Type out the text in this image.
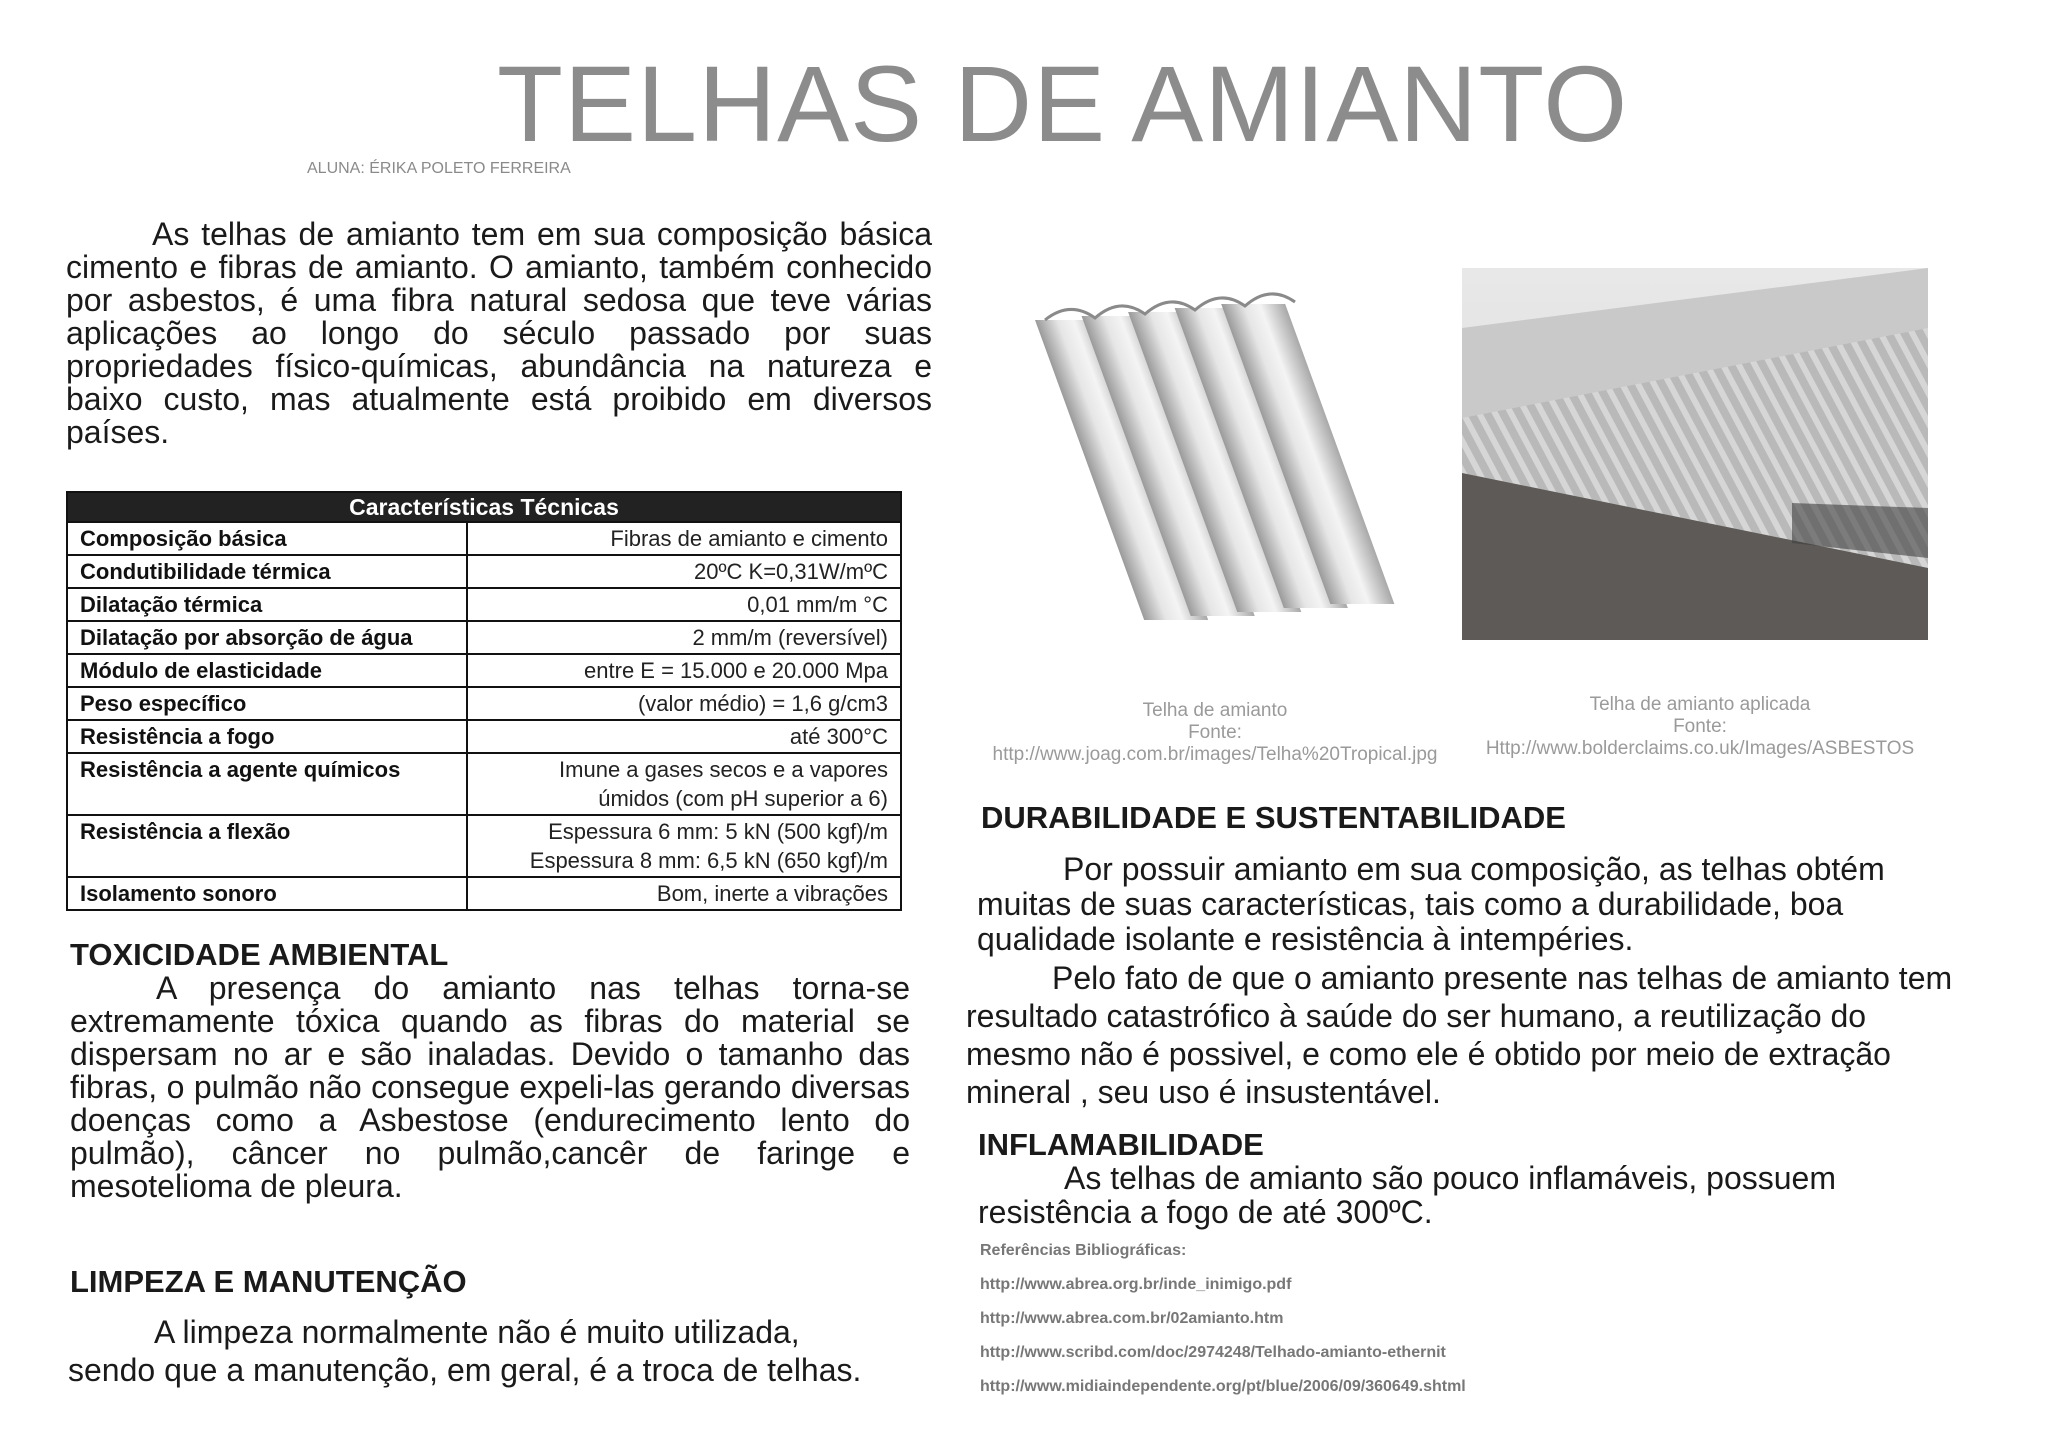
TELHAS DE AMIANTO
ALUNA: ÉRIKA POLETO FERREIRA

As telhas de amianto tem em sua composição básica cimento e fibras de amianto. O amianto, também conhecido por asbestos, é uma fibra natural sedosa que teve várias aplicações ao longo do século passado por suas propriedades físico-químicas, abundância na natureza e baixo custo, mas atualmente está proibido em diversos países.

Características Técnicas	
Composição básica	Fibras de amianto e cimento
Condutibilidade térmica	20ºC K=0,31W/mºC
Dilatação térmica	0,01 mm/m °C
Dilatação por absorção de água	2 mm/m (reversível)
Módulo de elasticidade	entre E = 15.000 e 20.000 Mpa
Peso específico	(valor médio) = 1,6 g/cm3
Resistência a fogo	até 300°C
Resistência a agente químicos	Imune a gases secos e a vapores úmidos (com pH superior a 6)
Resistência a flexão	Espessura 6 mm: 5 kN (500 kgf)/m Espessura 8 mm: 6,5 kN (650 kgf)/m
Isolamento sonoro	Bom, inerte a vibrações
TOXICIDADE AMBIENTAL

A presença do amianto nas telhas torna-se extremamente tóxica quando as fibras do material se dispersam no ar e são inaladas. Devido o tamanho das fibras, o pulmão não consegue expeli-las gerando diversas doenças como a Asbestose (endurecimento lento do pulmão), câncer no pulmão,cancêr de faringe e mesotelioma de pleura.

LIMPEZA E MANUTENÇÃO

A limpeza normalmente não é muito utilizada, sendo que a manutenção, em geral, é a troca de telhas.

Telha de amianto
Fonte:
http://www.joag.com.br/images/Telha%20Tropical.jpg
Telha de amianto aplicada
Fonte:
Http://www.bolderclaims.co.uk/Images/ASBESTOS
DURABILIDADE E SUSTENTABILIDADE

Por possuir amianto em sua composição, as telhas obtém muitas de suas características, tais como a durabilidade, boa qualidade isolante e resistência à intempéries.

Pelo fato de que o amianto presente nas telhas de amianto tem resultado catastrófico à saúde do ser humano, a reutilização do mesmo não é possivel, e como ele é obtido por meio de extração mineral , seu uso é insustentável.

INFLAMABILIDADE

As telhas de amianto são pouco inflamáveis, possuem resistência a fogo de até 300ºC.

Referências Bibliográficas:
http://www.abrea.org.br/inde_inimigo.pdf
http://www.abrea.com.br/02amianto.htm
http://www.scribd.com/doc/2974248/Telhado-amianto-ethernit
http://www.midiaindependente.org/pt/blue/2006/09/360649.shtml
